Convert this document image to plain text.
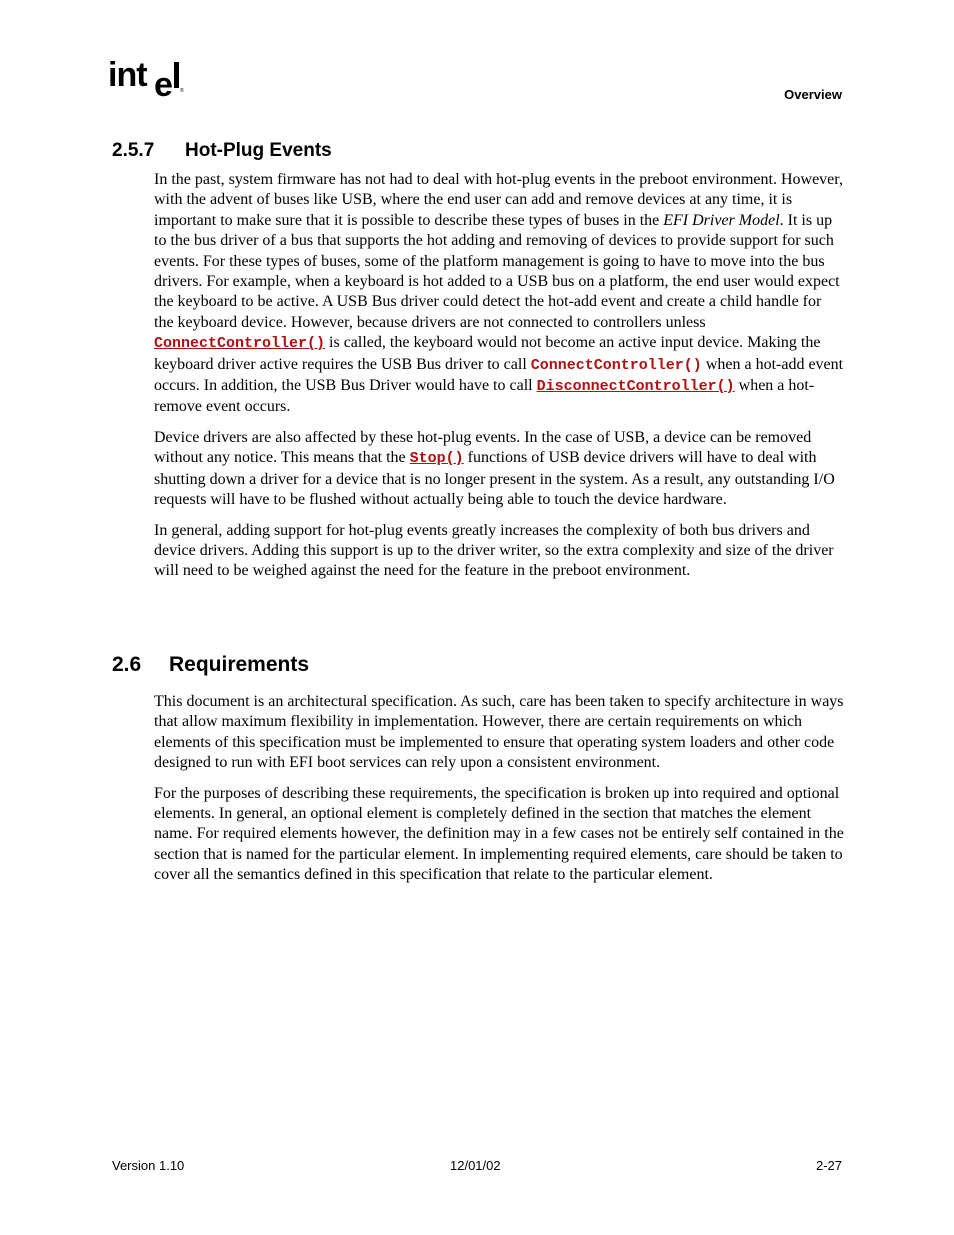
int e ®	Overview
2.5.7 Hot-Plug Events

In the past, system firmware has not had to deal with hot-plug events in the preboot environment. However, with the advent of buses like USB, where the end user can add and remove devices at any time, it is important to make sure that it is possible to describe these types of buses in the EFI Driver Model. It is up to the bus driver of a bus that supports the hot adding and removing of devices to provide support for such events. For these types of buses, some of the platform management is going to have to move into the bus drivers. For example, when a keyboard is hot added to a USB bus on a platform, the end user would expect the keyboard to be active. A USB Bus driver could detect the hot-add event and create a child handle for the keyboard device. However, because drivers are not connected to controllers unless ConnectController() is called, the keyboard would not become an active input device. Making the keyboard driver active requires the USB Bus driver to call ConnectController() when a hot-add event occurs. In addition, the USB Bus Driver would have to call DisconnectController() when a hot-remove event occurs.

Device drivers are also affected by these hot-plug events. In the case of USB, a device can be removed without any notice. This means that the Stop() functions of USB device drivers will have to deal with shutting down a driver for a device that is no longer present in the system. As a result, any outstanding I/O requests will have to be flushed without actually being able to touch the device hardware.

In general, adding support for hot-plug events greatly increases the complexity of both bus drivers and device drivers. Adding this support is up to the driver writer, so the extra complexity and size of the driver will need to be weighed against the need for the feature in the preboot environment.

2.6 Requirements

This document is an architectural specification. As such, care has been taken to specify architecture in ways that allow maximum flexibility in implementation. However, there are certain requirements on which elements of this specification must be implemented to ensure that operating system loaders and other code designed to run with EFI boot services can rely upon a consistent environment.

For the purposes of describing these requirements, the specification is broken up into required and optional elements. In general, an optional element is completely defined in the section that matches the element name. For required elements however, the definition may in a few cases not be entirely self contained in the section that is named for the particular element. In implementing required elements, care should be taken to cover all the semantics defined in this specification that relate to the particular element.

Version 1.10	12/01/02	2-27
